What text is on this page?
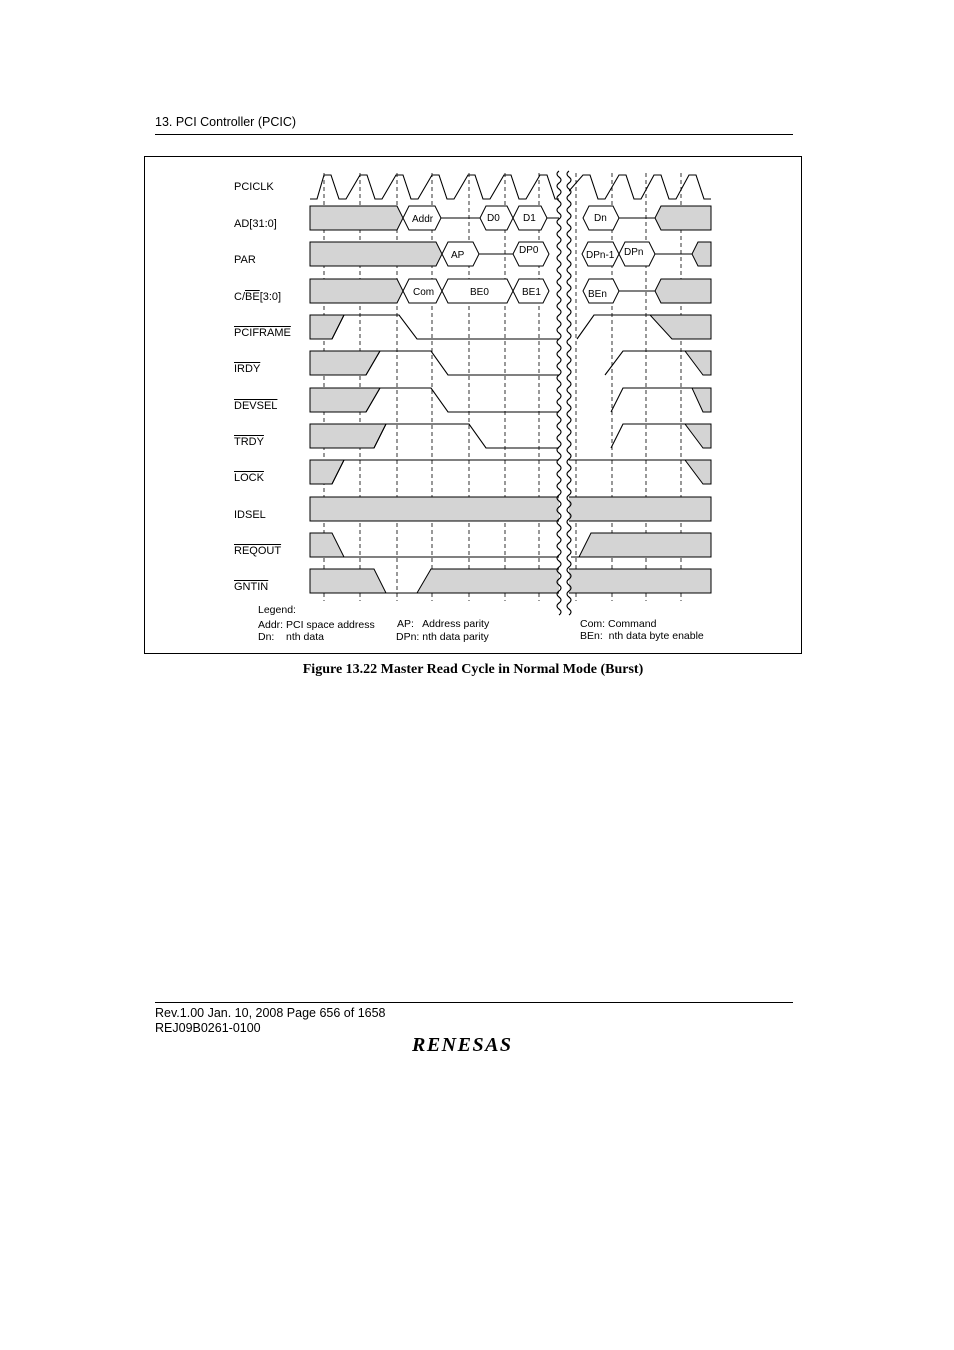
13. PCI Controller (PCIC)
Addr	D0 D1	Dn
AP	DP0	DPn-1 DPn
Com	BE0	BE1	BEn
PCICLK
AD[31:0]
PAR
$C/\overline{BE}[3:0]$
PCIFRAME
IRDY
DEVSEL
TRDY
LOCK
IDSEL
REQOUT
GNTIN
Legend:
Addr: PCI space address
Dn:    nth data
AP:   Address parity
DPn: nth data parity
Com: Command
BEn:  nth data byte enable
Figure 13.22 Master Read Cycle in Normal Mode (Burst)
Rev.1.00 Jan. 10, 2008 Page 656 of 1658
REJ09B0261-0100
RENESAS
